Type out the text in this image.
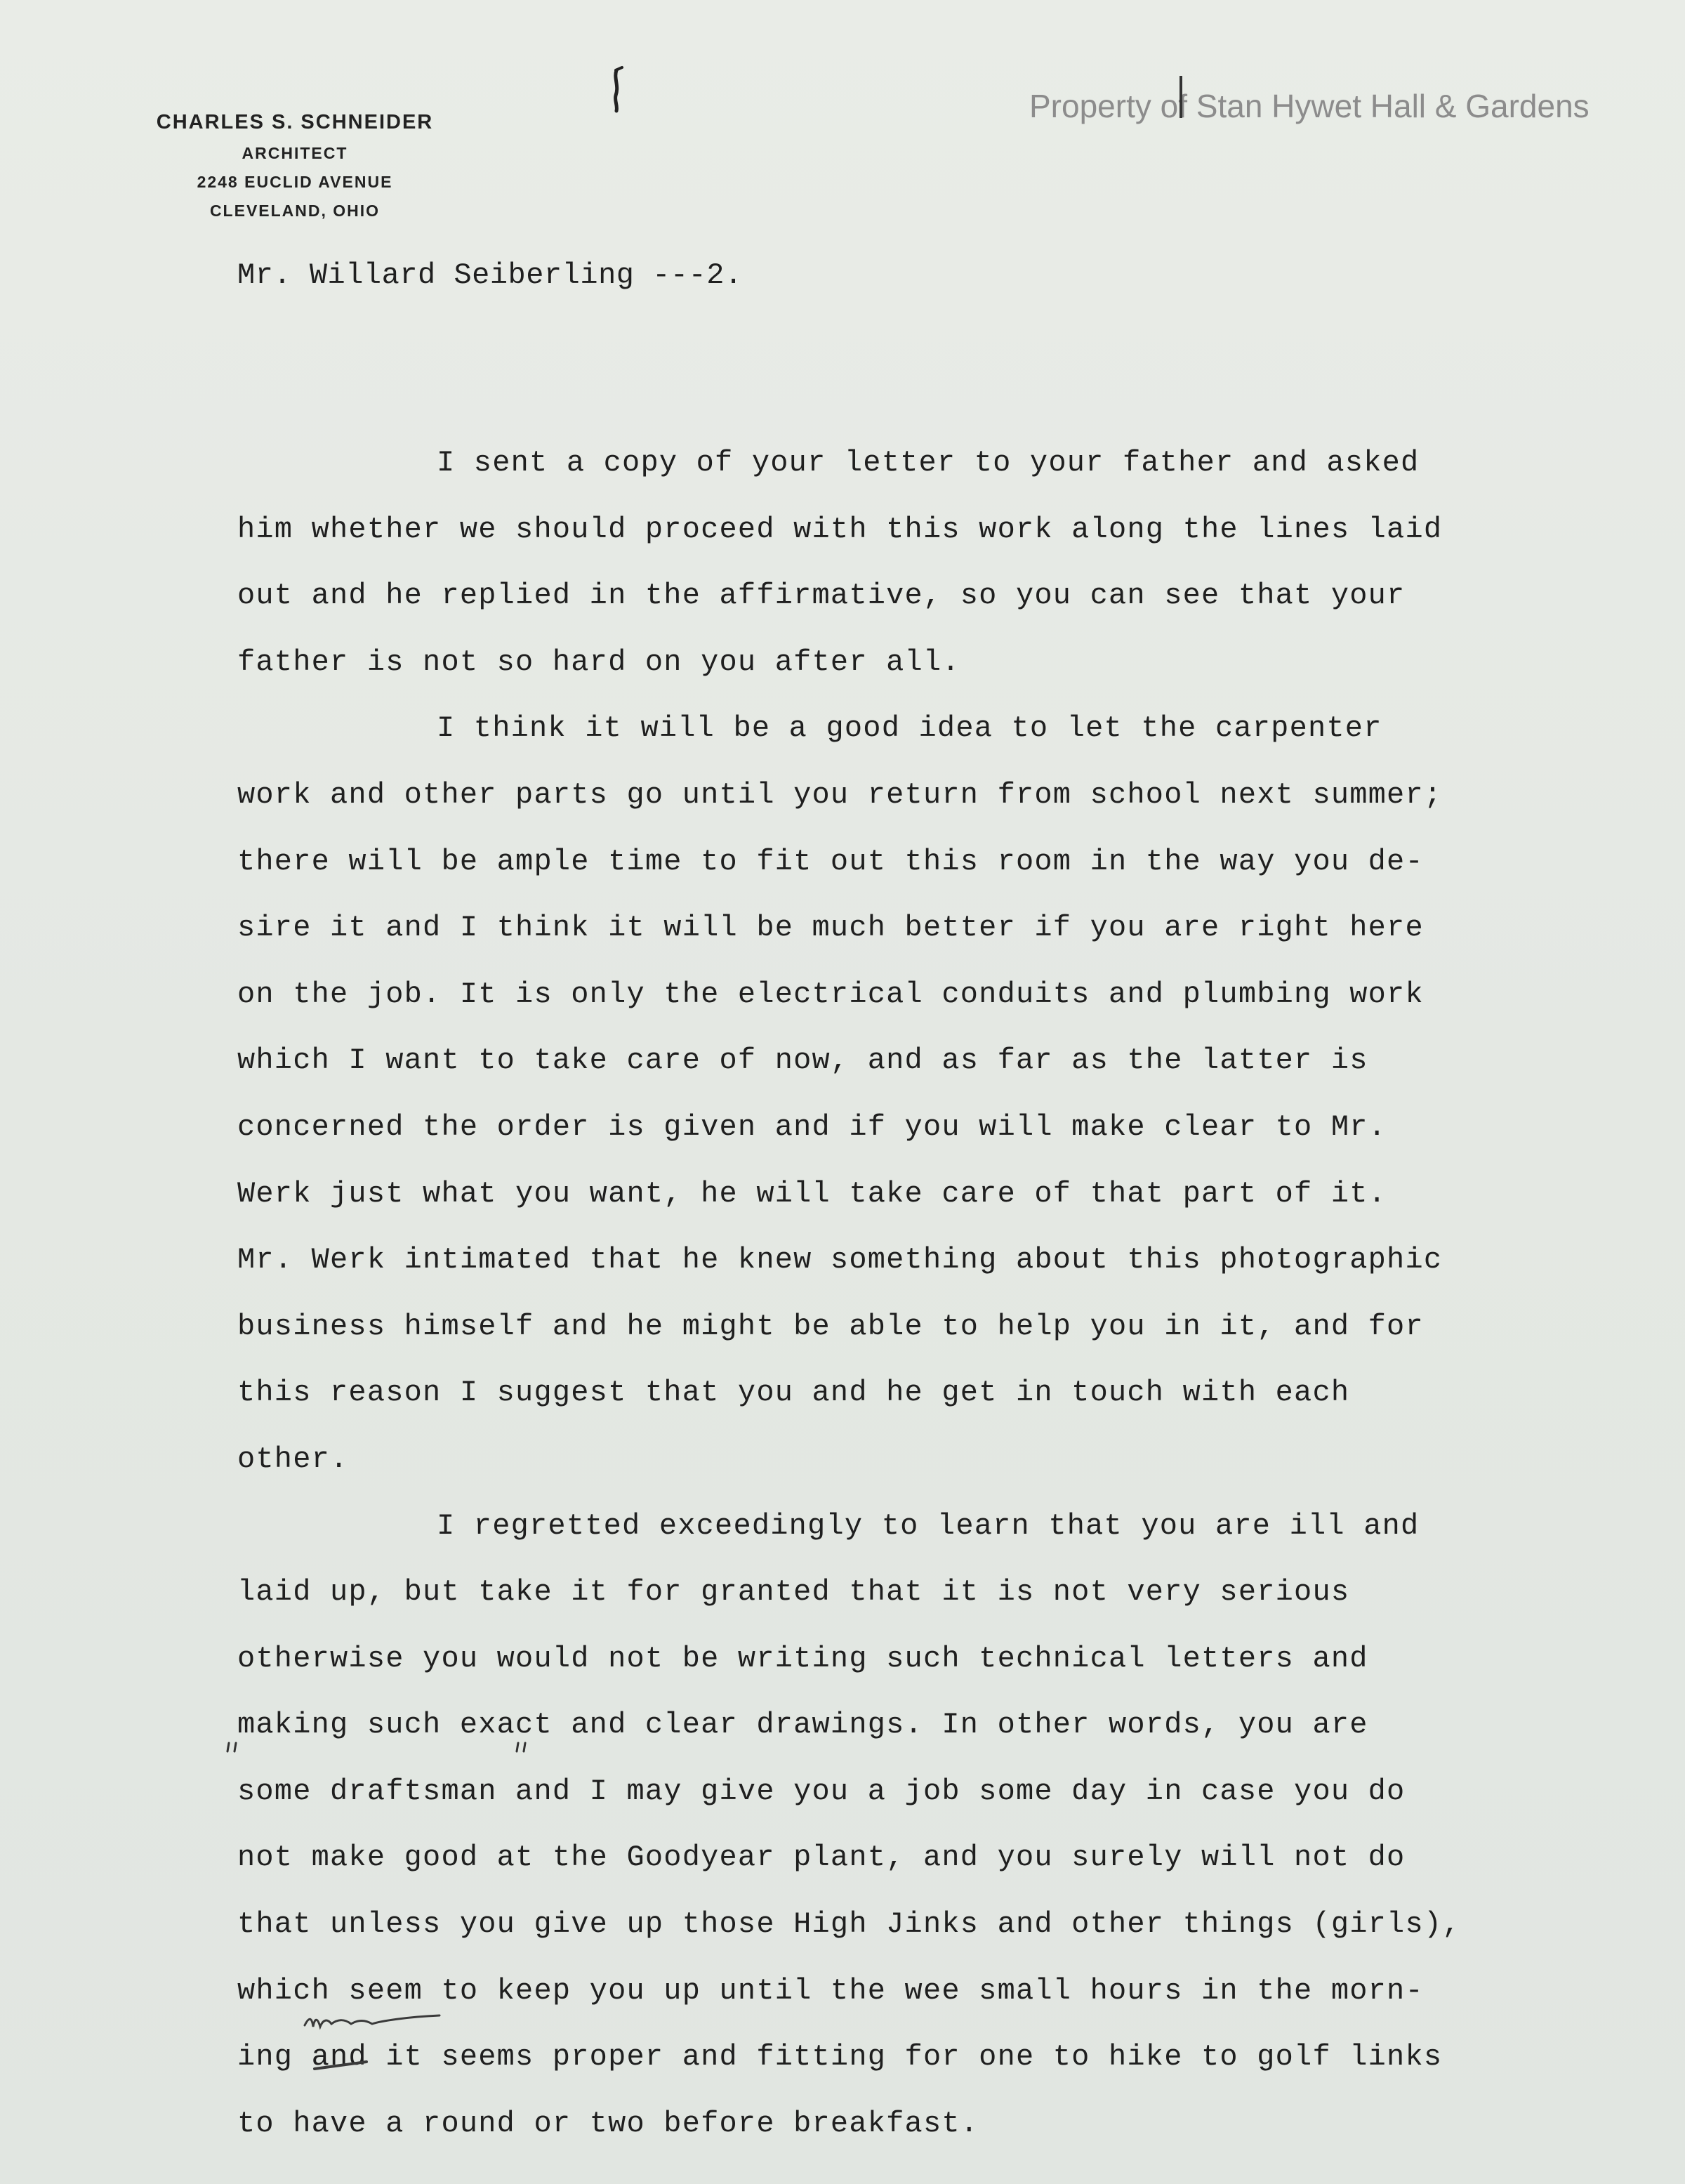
CHARLES S. SCHNEIDER
ARCHITECT
2248 EUCLID AVENUE
CLEVELAND, OHIO
Property of Stan Hywet Hall & Gardens
Mr. Willard Seiberling ---2.
I sent a copy of your letter to your father and asked
him whether we should proceed with this work along the lines laid
out and he replied in the affirmative, so you can see that your
father is not so hard on you after all.
I think it will be a good idea to let the carpenter
work and other parts go until you return from school next summer;
there will be ample time to fit out this room in the way you de-
sire it and I think it will be much better if you are right here
on the job. It is only the electrical conduits and plumbing work
which I want to take care of now, and as far as the latter is
concerned the order is given and if you will make clear to Mr.
Werk just what you want, he will take care of that part of it.
Mr. Werk intimated that he knew something about this photographic
business himself and he might be able to help you in it, and for
this reason I suggest that you and he get in touch with each
other.
I regretted exceedingly to learn that you are ill and
laid up, but take it for granted that it is not very serious
otherwise you would not be writing such technical letters and
making such exact and clear drawings. In other words, you are
some draftsman and I may give you a job some day in case you do
not make good at the Goodyear plant, and you surely will not do
that unless you give up those High Jinks and other things (girls),
which seem to keep you up until the wee small hours in the morn-
ing and it seems proper and fitting for one to hike to golf links
to have a round or two before breakfast.
